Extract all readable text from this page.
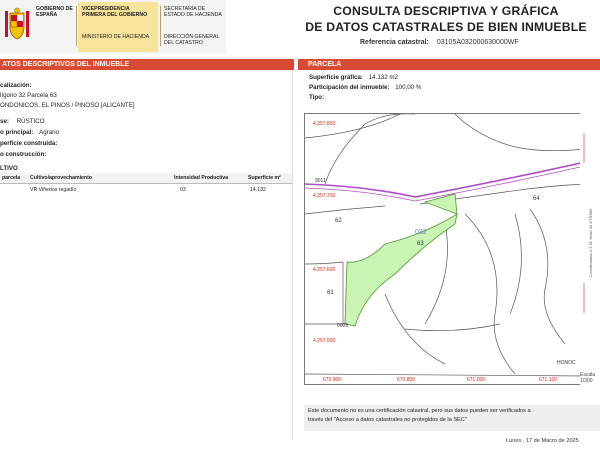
GOBIERNO DE ESPAÑA
VICEPRESIDENCIA PRIMERA DEL GOBIERNO
MINISTERIO DE HACIENDA
SECRETARÍA DE ESTADO DE HACIENDA
DIRECCIÓN GENERAL DEL CATASTRO
CONSULTA DESCRIPTIVA Y GRÁFICA
DE DATOS CATASTRALES DE BIEN INMUEBLE
Referencia catastral: 03105A032000630000WF
ATOS DESCRIPTIVOS DEL INMUEBLE
calización:
lígono 32 Parcela 63
ONDONICOS. EL PINOS / PINOSO [ALICANTE]
se: RÚSTICO
o principal: Agrario
perficie construida:
o construcción:
LTIVO
parcela	Cultivo/aprovechamiento	Intensidad Productiva	Superficie m²
	VR Viñedos regadío	03	14.132
PARCELA
Superficie gráfica: 14.132 m2
Participación del inmueble: 100,00 %
Tipo:
032
63
62
64
61
9011
9005
4.257.800
4.257.700
4.257.600
4.257.500
670.900	670.800	671.000	671.100
HONOC
Coordenadas U.T.M. Huso 30 ETRS89
Escala
1/300
Este documento no es una certificación catastral, pero sus datos pueden ser verificados a
través del "Acceso a datos catastrales no protegidos de la SEC"
Lunes , 17 de Marzo de 2025
